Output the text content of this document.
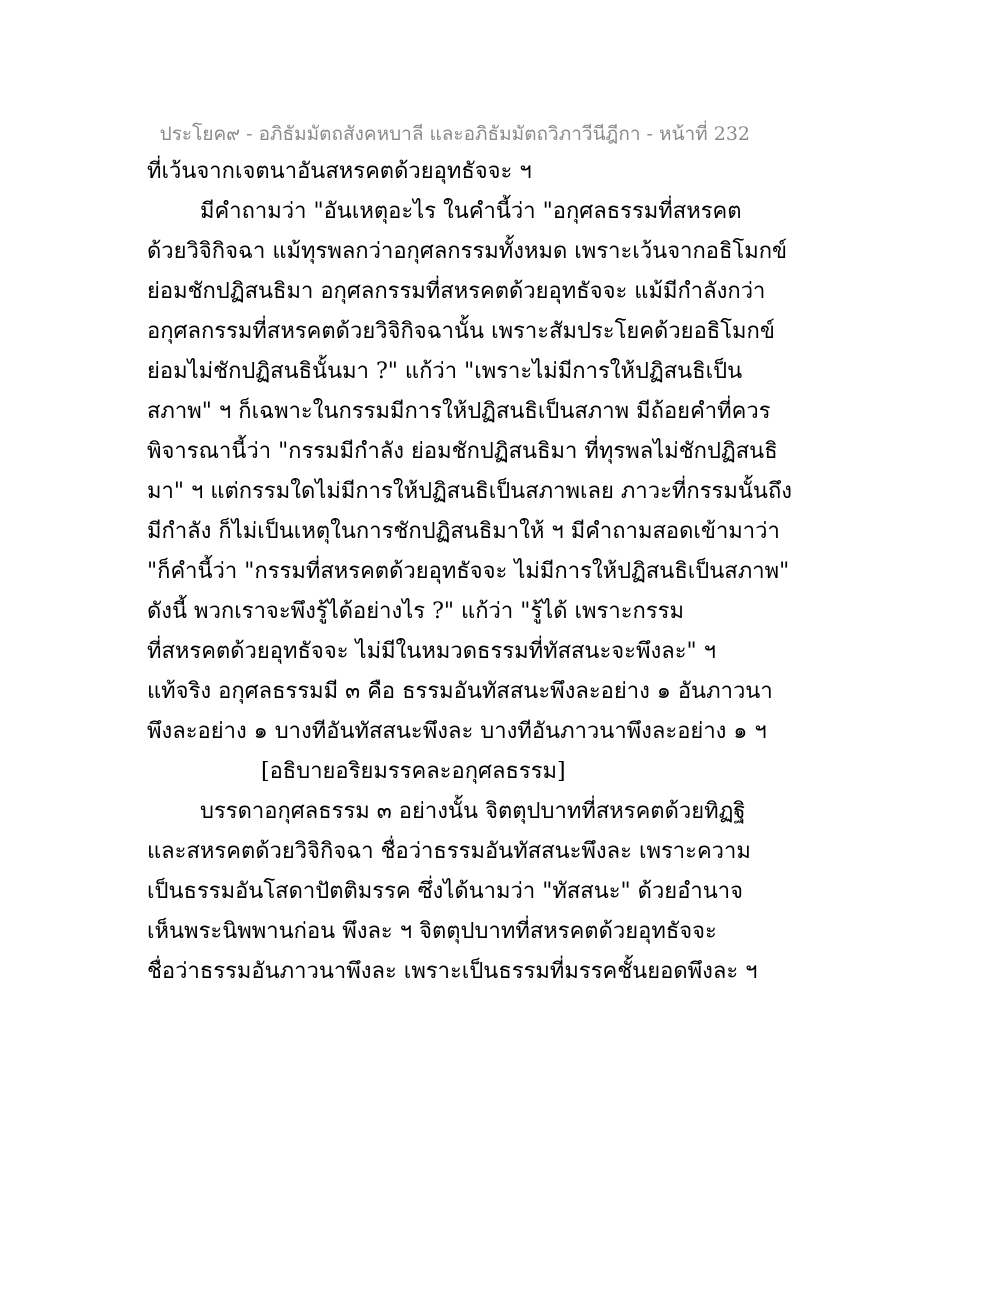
ประโยค๙ - อภิธัมมัตถสังคหบาลี และอภิธัมมัตถวิภาวีนีฎีกา - หน้าที่ 232
ที่เว้นจากเจตนาอันสหรคตด้วยอุทธัจจะ ฯ
มีคำถามว่า "อันเหตุอะไร ในคำนี้ว่า "อกุศลธรรมที่สหรคต
ด้วยวิจิกิจฉา แม้ทุรพลกว่าอกุศลกรรมทั้งหมด เพราะเว้นจากอธิโมกข์
ย่อมชักปฏิสนธิมา อกุศลกรรมที่สหรคตด้วยอุทธัจจะ แม้มีกำลังกว่า
อกุศลกรรมที่สหรคตด้วยวิจิกิจฉานั้น เพราะสัมประโยคด้วยอธิโมกข์
ย่อมไม่ชักปฏิสนธินั้นมา ?" แก้ว่า "เพราะไม่มีการให้ปฏิสนธิเป็น
สภาพ" ฯ ก็เฉพาะในกรรมมีการให้ปฏิสนธิเป็นสภาพ มีถ้อยคำที่ควร
พิจารณานี้ว่า "กรรมมีกำลัง ย่อมชักปฏิสนธิมา ที่ทุรพลไม่ชักปฏิสนธิ
มา" ฯ แต่กรรมใดไม่มีการให้ปฏิสนธิเป็นสภาพเลย ภาวะที่กรรมนั้นถึง
มีกำลัง ก็ไม่เป็นเหตุในการชักปฏิสนธิมาให้ ฯ มีคำถามสอดเข้ามาว่า
"ก็คำนี้ว่า "กรรมที่สหรคตด้วยอุทธัจจะ ไม่มีการให้ปฏิสนธิเป็นสภาพ"
ดังนี้ พวกเราจะพึงรู้ได้อย่างไร ?" แก้ว่า "รู้ได้ เพราะกรรม
ที่สหรคตด้วยอุทธัจจะ ไม่มีในหมวดธรรมที่ทัสสนะจะพึงละ" ฯ
แท้จริง อกุศลธรรมมี ๓ คือ ธรรมอันทัสสนะพึงละอย่าง ๑ อันภาวนา
พึงละอย่าง ๑ บางทีอันทัสสนะพึงละ บางทีอันภาวนาพึงละอย่าง ๑ ฯ
[อธิบายอริยมรรคละอกุศลธรรม]
บรรดาอกุศลธรรม ๓ อย่างนั้น จิตตุปบาทที่สหรคตด้วยทิฏฐิ
และสหรคตด้วยวิจิกิจฉา ชื่อว่าธรรมอันทัสสนะพึงละ เพราะความ
เป็นธรรมอันโสดาปัตติมรรค ซึ่งได้นามว่า "ทัสสนะ" ด้วยอำนาจ
เห็นพระนิพพานก่อน พึงละ ฯ จิตตุปบาทที่สหรคตด้วยอุทธัจจะ
ชื่อว่าธรรมอันภาวนาพึงละ เพราะเป็นธรรมที่มรรคชั้นยอดพึงละ ฯ
